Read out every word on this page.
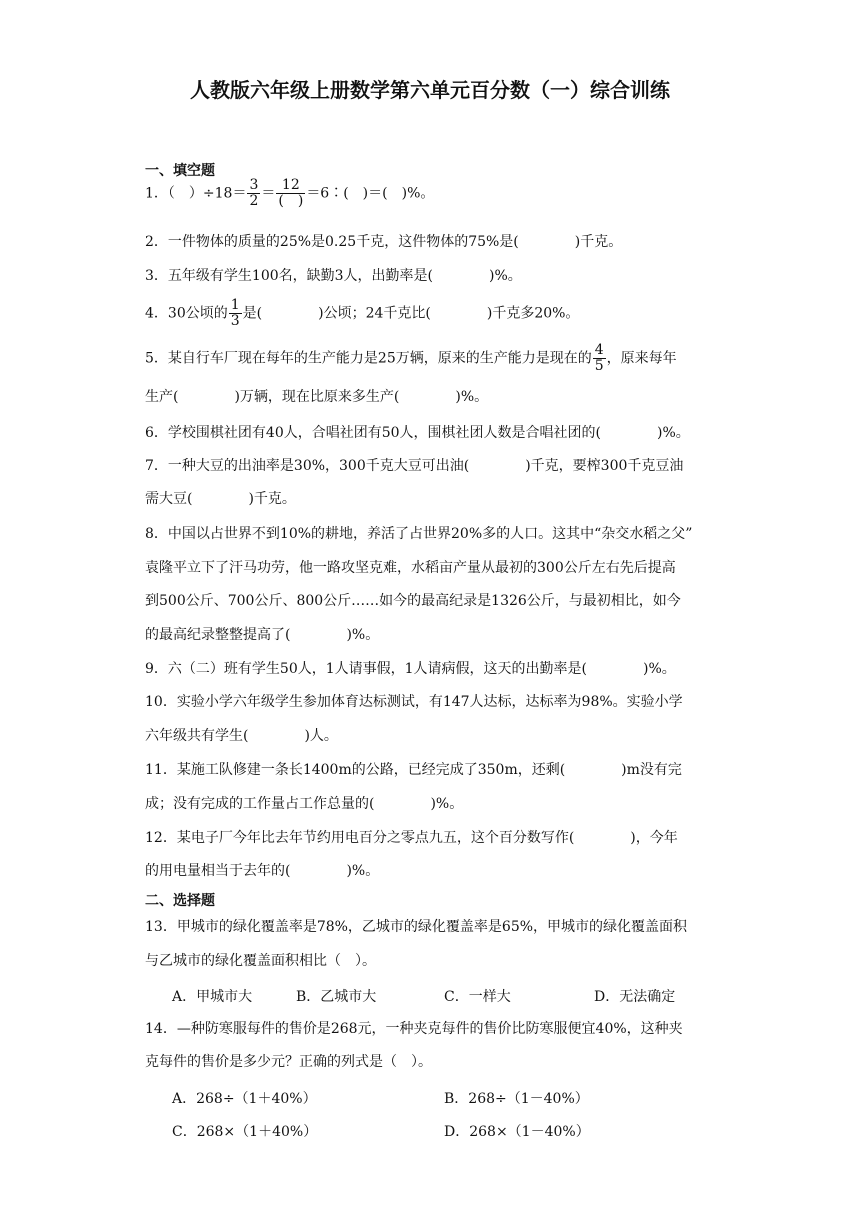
人教版六年级上册数学第六单元百分数（一）综合训练
一、填空题
1．（　）$\div 18= \frac{3}{2} = \frac{12}{( )}$ ＝6∶(　)＝(　)%。
2．一件物体的质量的25%是0.25千克，这件物体的75%是(　　　　)千克。
3．五年级有学生100名，缺勤3人，出勤率是(　　　　)%。
4．30公顷的 $\frac{1}{3}$ 是(　　　　)公顷；24千克比(　　　　)千克多20%。
5．某自行车厂现在每年的生产能力是25万辆，原来的生产能力是现在的 $\frac{4}{5}$ ，原来每年
生产(　　　　)万辆，现在比原来多生产(　　　　)%。
6．学校围棋社团有40人，合唱社团有50人，围棋社团人数是合唱社团的(　　　　)%。
7．一种大豆的出油率是30%，300千克大豆可出油(　　　　)千克，要榨300千克豆油
需大豆(　　　　)千克。
8．中国以占世界不到10%的耕地，养活了占世界20%多的人口。这其中“杂交水稻之父”
袁隆平立下了汗马功劳，他一路攻坚克难，水稻亩产量从最初的300公斤左右先后提高
到500公斤、700公斤、800公斤……如今的最高纪录是1326公斤，与最初相比，如今
的最高纪录整整提高了(　　　　)%。
9．六（二）班有学生50人，1人请事假，1人请病假，这天的出勤率是(　　　　)%。
10．实验小学六年级学生参加体育达标测试，有147人达标，达标率为98%。实验小学
六年级共有学生(　　　　)人。
11．某施工队修建一条长1400m的公路，已经完成了350m，还剩(　　　　)m没有完
成；没有完成的工作量占工作总量的(　　　　)%。
12．某电子厂今年比去年节约用电百分之零点九五，这个百分数写作(　　　　)，今年
的用电量相当于去年的(　　　　)%。
二、选择题
13．甲城市的绿化覆盖率是78%，乙城市的绿化覆盖率是65%，甲城市的绿化覆盖面积
与乙城市的绿化覆盖面积相比（　）。
A．甲城市大	B．乙城市大	C．一样大	D．无法确定
14．—种防寒服每件的售价是268元，一种夹克每件的售价比防寒服便宜40%，这种夹
克每件的售价是多少元？正确的列式是（　）。
A．268÷（1＋40%）	B．268÷（1－40%）
C．268×（1＋40%）	D．268×（1－40%）
